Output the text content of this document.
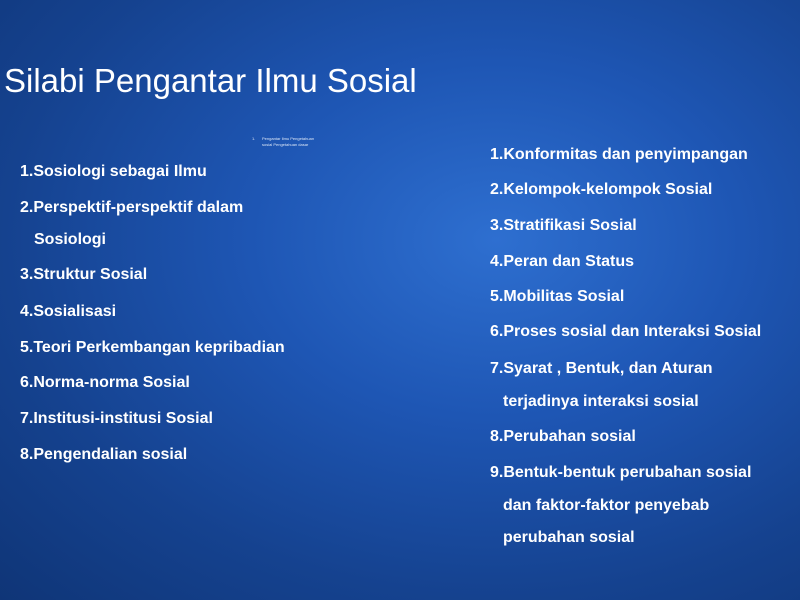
Silabi Pengantar Ilmu Sosial
1. Pengantar Ilmu Pengetahuan
sosial Pengetahuan dasar
1.Sosiologi sebagai Ilmu
2.Perspektif-perspektif dalam
Sosiologi
3.Struktur Sosial
4.Sosialisasi
5.Teori Perkembangan kepribadian
6.Norma-norma Sosial
7.Institusi-institusi Sosial
8.Pengendalian sosial
1.Konformitas dan penyimpangan
2.Kelompok-kelompok Sosial
3.Stratifikasi Sosial
4.Peran dan Status
5.Mobilitas Sosial
6.Proses sosial dan Interaksi Sosial
7.Syarat , Bentuk, dan Aturan
terjadinya interaksi sosial
8.Perubahan sosial
9.Bentuk-bentuk perubahan sosial
dan faktor-faktor penyebab
perubahan sosial
